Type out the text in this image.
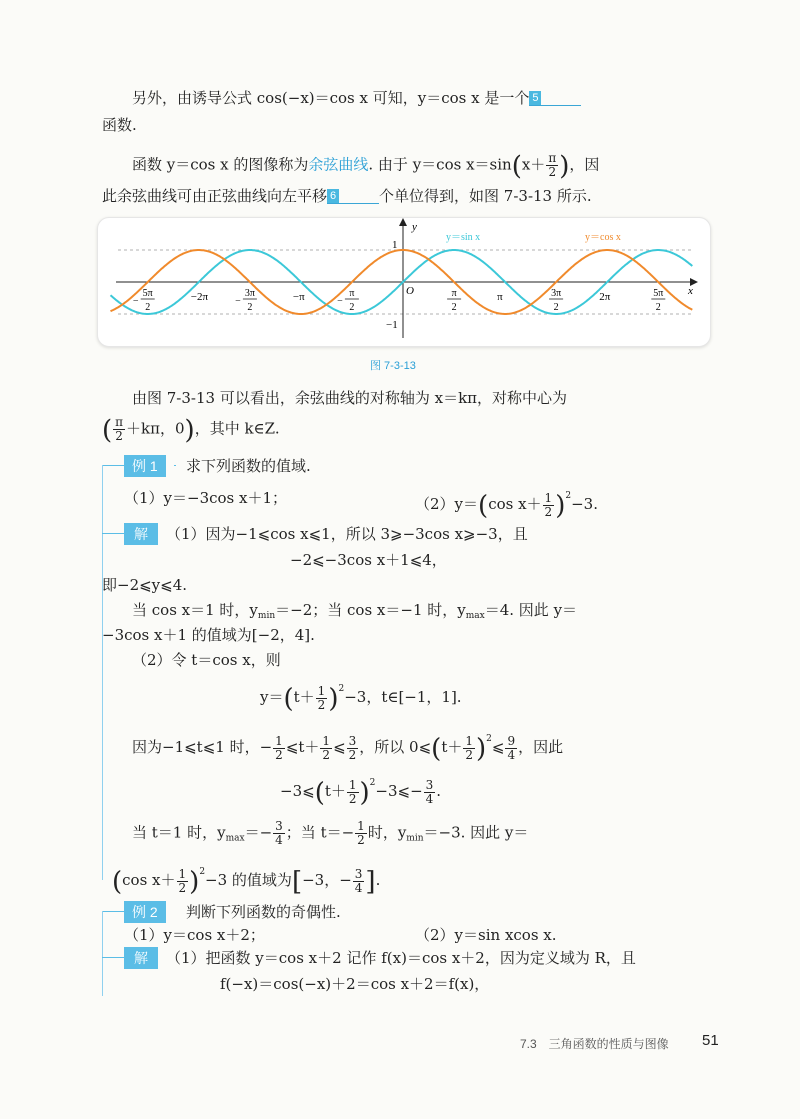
另外，由诱导公式 cos(−x)＝cos x 可知，y＝cos x 是一个 5
函数.
函数 y＝cos x 的图像称为余弦曲线. 由于 y＝cos $x=\sin(x+ \frac{\pi}{2}$ )，因
此余弦曲线可由正弦曲线向左平移 6	个单位得到，如图 7-3-13 所示.
y
x
O
1
−1
y＝sin x	y＝cos x
−2π	−π	π	2π
−
5π
2
−
3π
2
−
π
2
π
2
3π
2
5π
2
图 7-3-13
由图 7-3-13 可以看出，余弦曲线的对称轴为 x＝kπ，对称中心为
( $\frac{\pi}{2} +k\pi$，0)，其中 k∈Z.
例 1	求下列函数的值域.
（1）y＝−3cos x＋1；	（2）y＝(cos $x+ \frac{1}{2} )^2-3$.
解	（1）因为−1⩽cos x⩽1，所以 3⩾−3cos x⩾−3，且
−2⩽−3cos x＋1⩽4，
即−2⩽y⩽4.
当 cos x＝1 时，$y_{min}=-2$；当 cos x＝−1 时，$y_{max}=4$. 因此 y＝
−3cos x＋1 的值域为[−2，4].
（2）令 t＝cos x，则
$y=(t+ \frac{1}{2} )^2-3$，t∈[−1，1].
因为−1⩽t⩽1 时，− $\frac{1}{2}$ ⩽t＋ $\frac{1}{2}$ ⩽ $\frac{3}{2}$ ，所以 0⩽(t＋ $\frac{1}{2}$ )$^2$⩽ $\frac{9}{4}$ ，因此
−3⩽(t＋ $\frac{1}{2}$ )$^2$−3⩽− $\frac{3}{4}$ .
当 t＝1 时，$y_{max}=- \frac{3}{4}$ ；当 $t=- \frac{1}{2}$ 时，$y_{min}=-3$. 因此 y＝
(cos $x+ \frac{1}{2} )^2-3$ 的值域为[−3，− $\frac{3}{4}$ ].
例 2	判断下列函数的奇偶性.
（1）y＝cos x＋2；	（2）y＝sin xcos x.
解	（1）把函数 y＝cos x＋2 记作 f(x)＝cos x＋2，因为定义域为 R，且
f(−x)＝cos(−x)＋2＝cos x＋2＝f(x)，
7.3　三角函数的性质与图像 51
